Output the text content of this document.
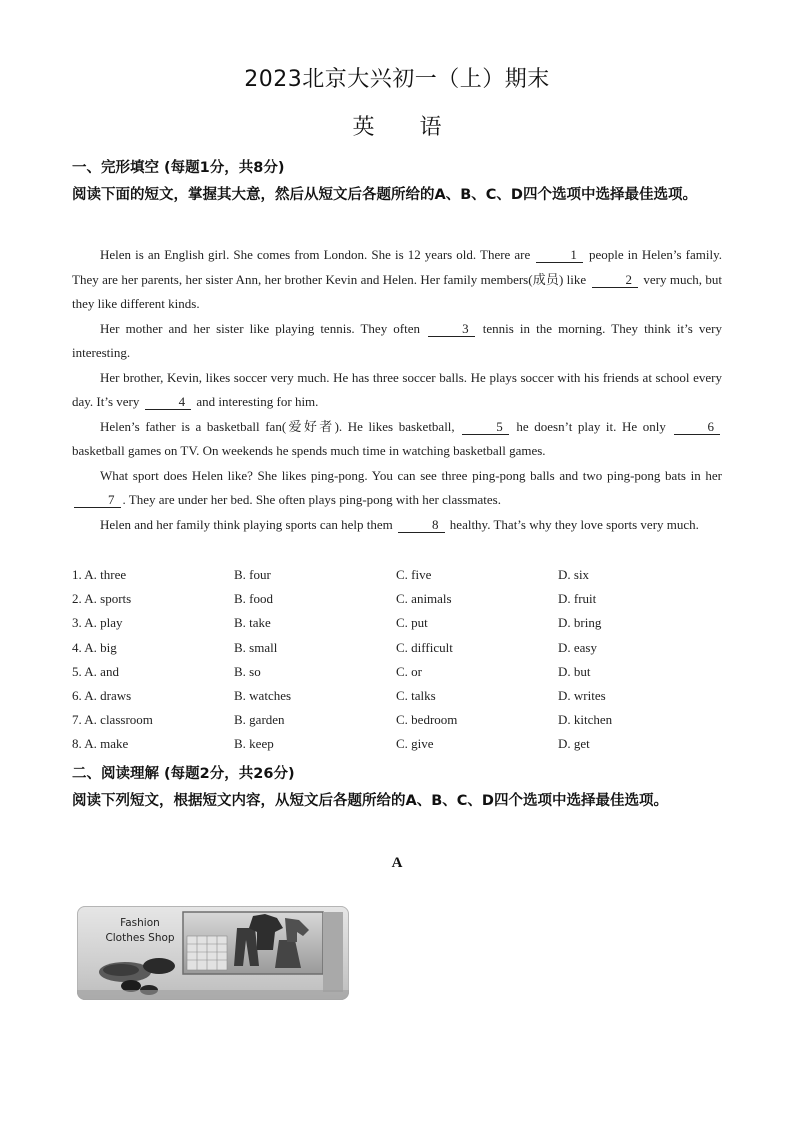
2023北京大兴初一（上）期末
英 语
一、完形填空 (每题1分，共8分)
阅读下面的短文，掌握其大意，然后从短文后各题所给的A、B、C、D四个选项中选择最佳选项。

Helen is an English girl. She comes from London. She is 12 years old. There are	1 people in Helen’s family. They are her parents, her sister Ann, her brother Kevin and Helen. Her family members(成员) like	2 very much, but they like different kinds.

Her mother and her sister like playing tennis. They often	3 tennis in the morning. They think it’s very interesting.

Her brother, Kevin, likes soccer very much. He has three soccer balls. He plays soccer with his friends at school every day. It’s very	4 and interesting for him.

Helen’s father is a basketball fan(爱好者). He likes basketball,	5 he doesn’t play it. He only	6 basketball games on TV. On weekends he spends much time in watching basketball games.

What sport does Helen like? She likes ping-pong. You can see three ping-pong balls and two ping-pong bats in her 7 . They are under her bed. She often plays ping-pong with her classmates.

Helen and her family think playing sports can help them	8 healthy. That’s why they love sports very much.

1. A. three	B. four	C. five	D. six
2. A. sports	B. food	C. animals	D. fruit
3. A. play	B. take	C. put	D. bring
4. A. big	B. small	C. difficult	D. easy
5. A. and	B. so	C. or	D. but
6. A. draws	B. watches	C. talks	D. writes
7. A. classroom	B. garden	C. bedroom	D. kitchen
8. A. make	B. keep	C. give	D. get
二、阅读理解 (每题2分，共26分)
阅读下列短文，根据短文内容，从短文后各题所给的A、B、C、D四个选项中选择最佳选项。
A
Fashion
Clothes Shop
